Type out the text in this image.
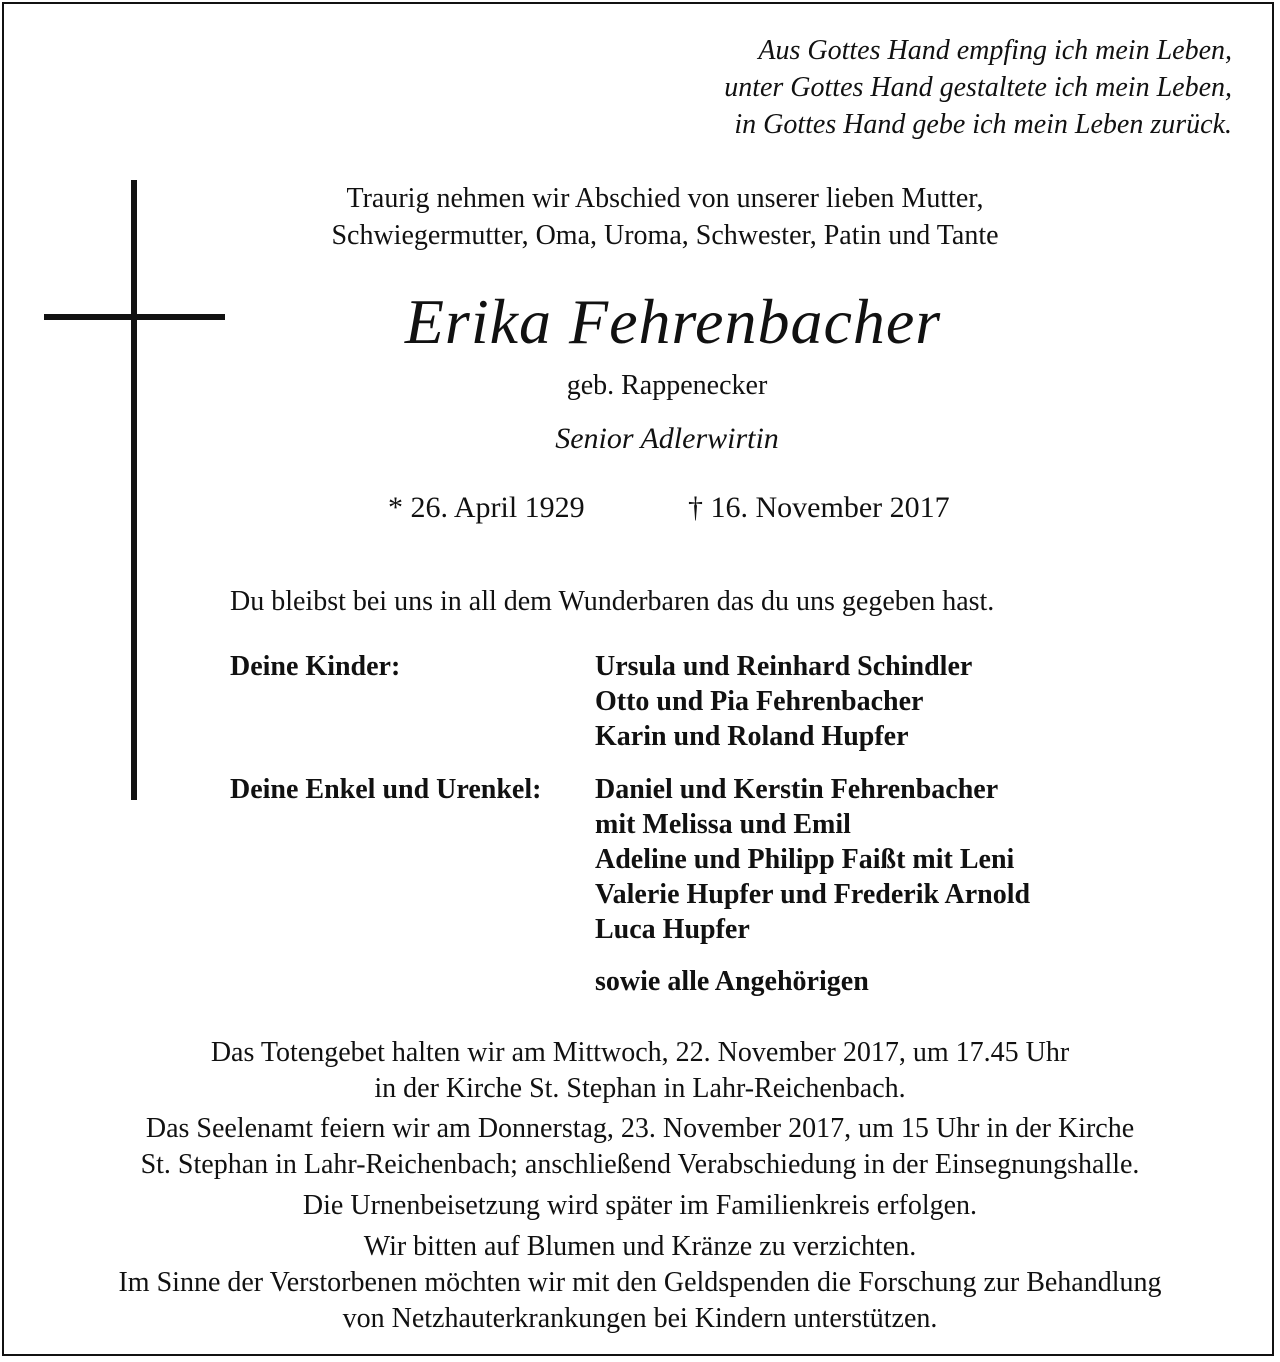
Aus Gottes Hand empfing ich mein Leben,
unter Gottes Hand gestaltete ich mein Leben,
in Gottes Hand gebe ich mein Leben zurück.
Traurig nehmen wir Abschied von unserer lieben Mutter,
Schwiegermutter, Oma, Uroma, Schwester, Patin und Tante
Erika Fehrenbacher
geb. Rappenecker
Senior Adlerwirtin
* 26. April 1929	† 16. November 2017
Du bleibst bei uns in all dem Wunderbaren das du uns gegeben hast.
Deine Kinder:	Ursula und Reinhard Schindler
Otto und Pia Fehrenbacher
Karin und Roland Hupfer
Deine Enkel und Urenkel: Daniel und Kerstin Fehrenbacher
mit Melissa und Emil
Adeline und Philipp Faißt mit Leni
Valerie Hupfer und Frederik Arnold
Luca Hupfer
sowie alle Angehörigen
Das Totengebet halten wir am Mittwoch, 22. November 2017, um 17.45 Uhr
in der Kirche St. Stephan in Lahr-Reichenbach.
Das Seelenamt feiern wir am Donnerstag, 23. November 2017, um 15 Uhr in der Kirche
St. Stephan in Lahr-Reichenbach; anschließend Verabschiedung in der Einsegnungshalle.
Die Urnenbeisetzung wird später im Familienkreis erfolgen.
Wir bitten auf Blumen und Kränze zu verzichten.
Im Sinne der Verstorbenen möchten wir mit den Geldspenden die Forschung zur Behandlung
von Netzhauterkrankungen bei Kindern unterstützen.
